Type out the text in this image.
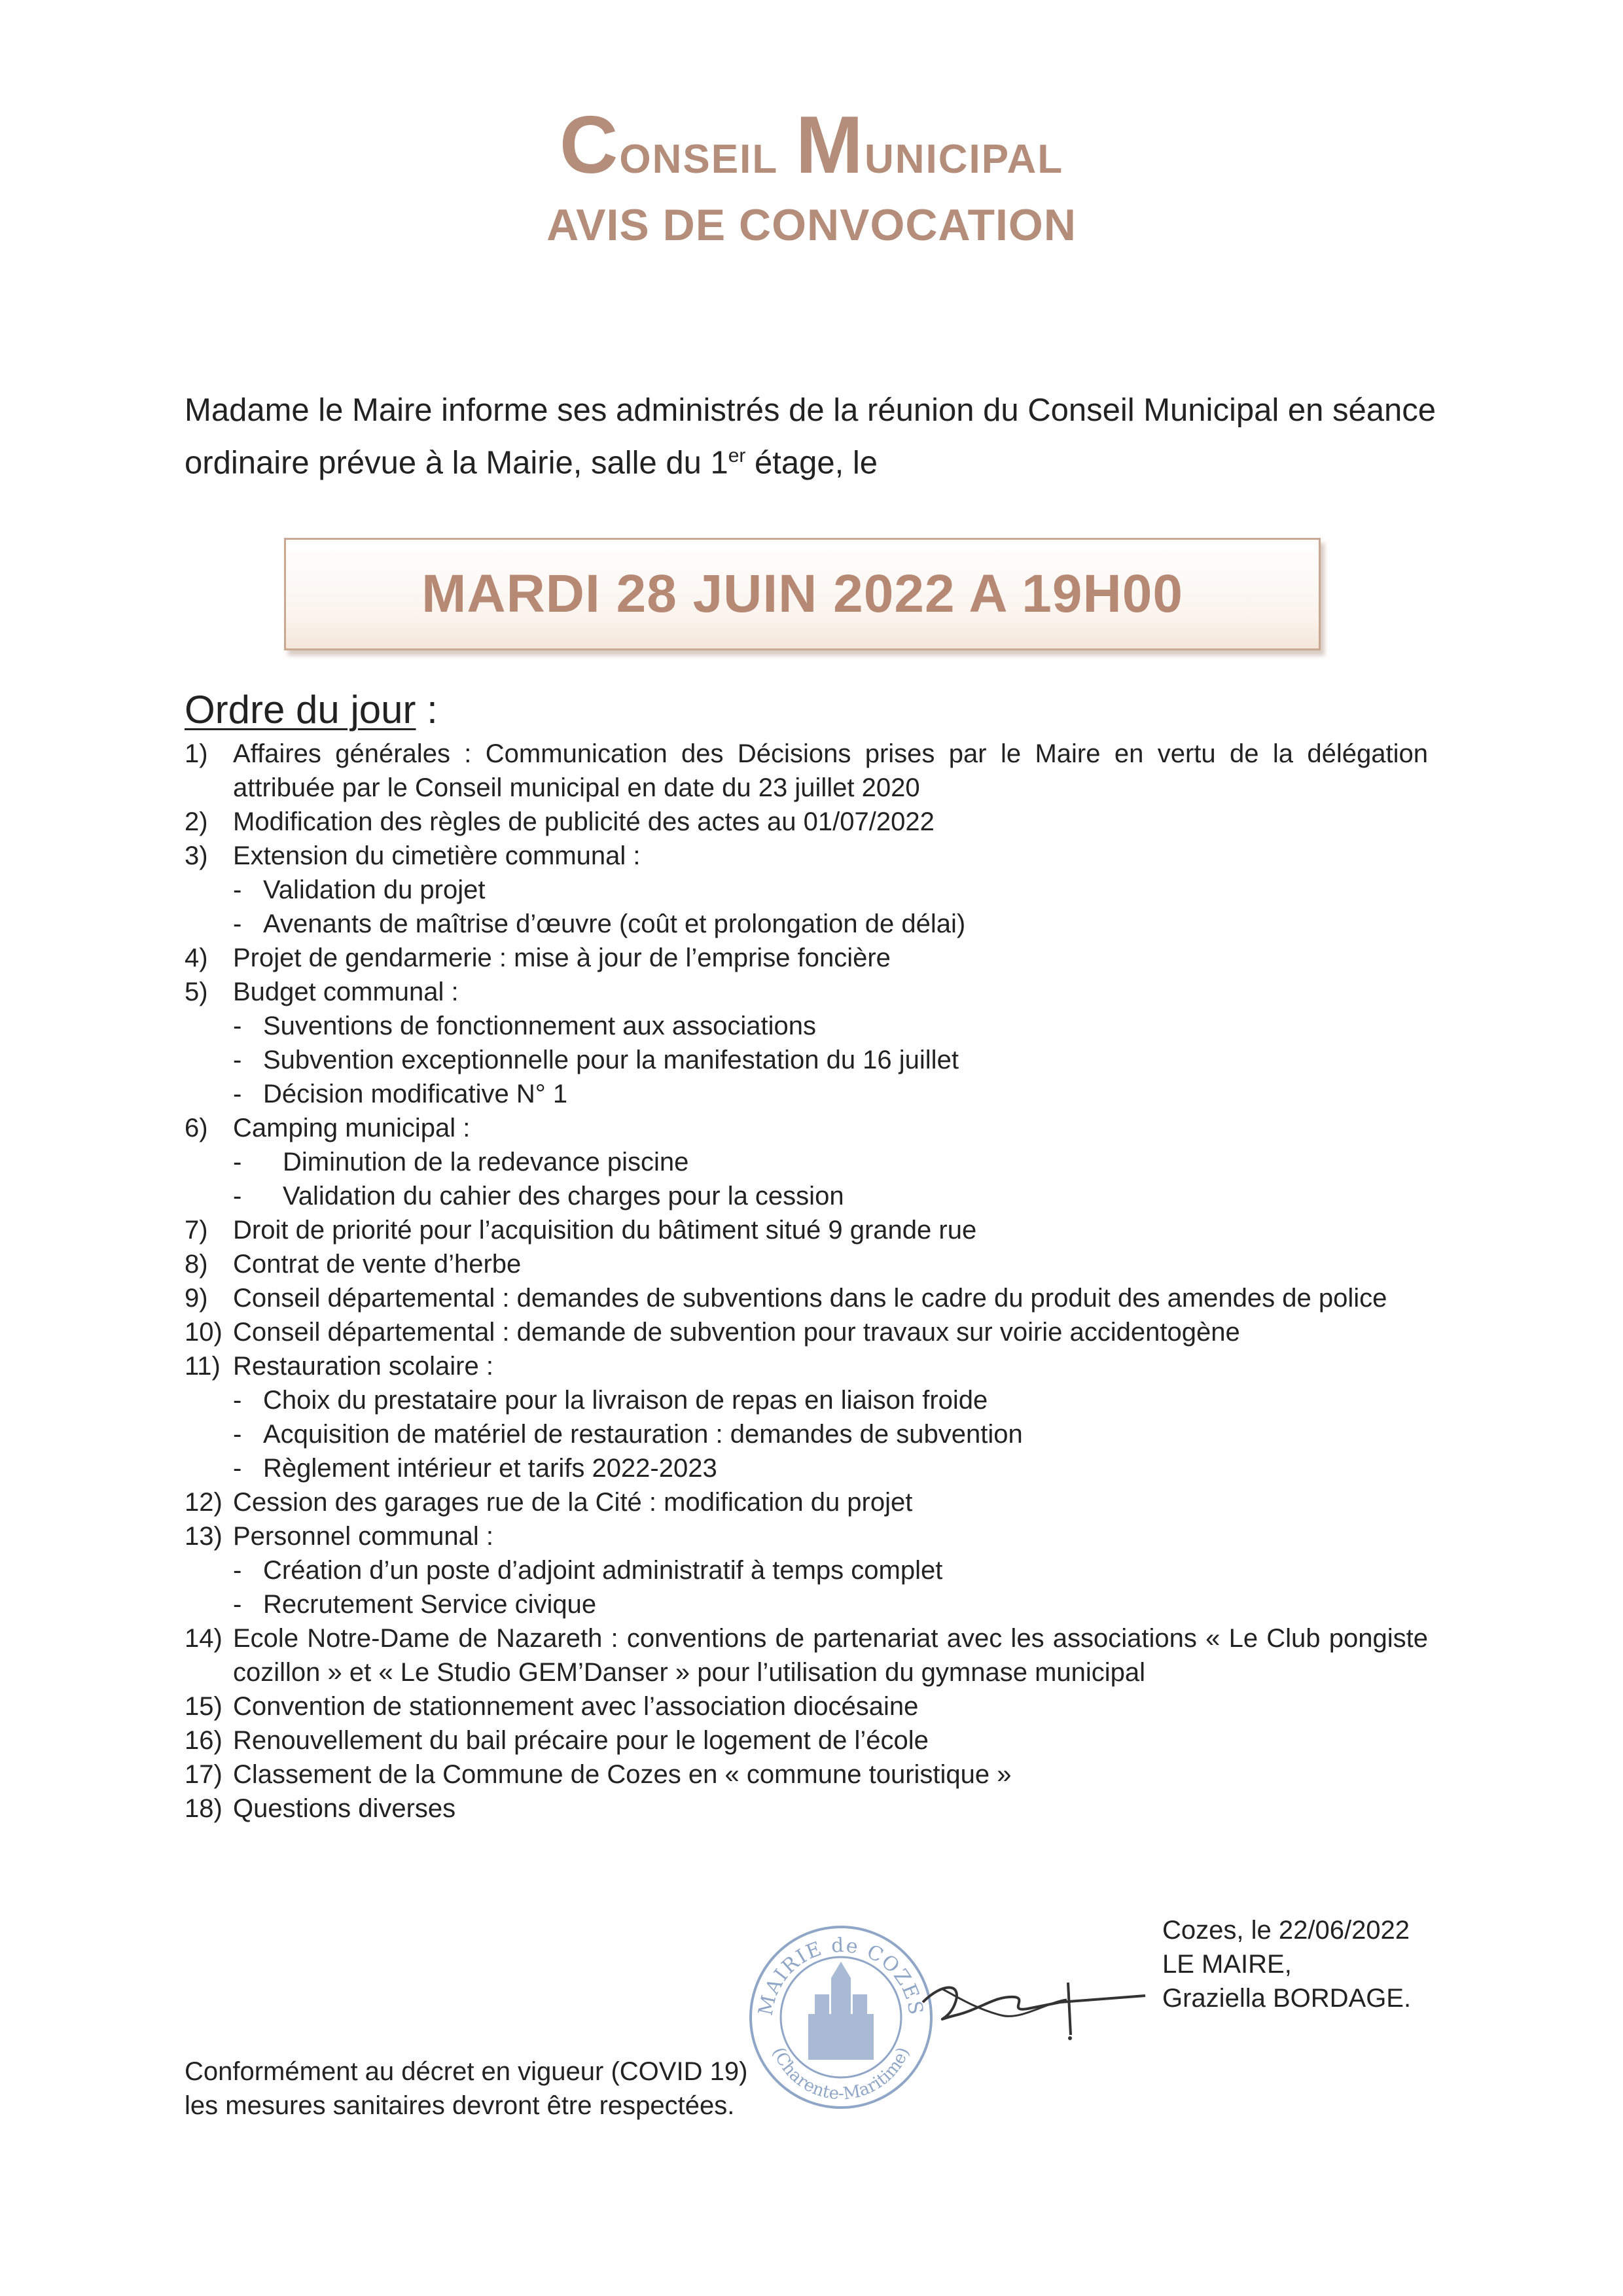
Conseil Municipal
AVIS DE CONVOCATION
Madame le Maire informe ses administrés de la réunion du Conseil Municipal en séance ordinaire prévue à la Mairie, salle du 1er étage, le
MARDI 28 JUIN 2022 A 19H00
Ordre du jour :
1) Affaires générales : Communication des Décisions prises par le Maire en vertu de la délégation attribuée par le Conseil municipal en date du 23 juillet 2020
2) Modification des règles de publicité des actes au 01/07/2022
3) Extension du cimetière communal :
- Validation du projet
- Avenants de maîtrise d’œuvre (coût et prolongation de délai)
4) Projet de gendarmerie : mise à jour de l’emprise foncière
5) Budget communal :
- Suventions de fonctionnement aux associations
- Subvention exceptionnelle pour la manifestation du 16 juillet
- Décision modificative N° 1
6) Camping municipal :
- Diminution de la redevance piscine
- Validation du cahier des charges pour la cession
7) Droit de priorité pour l’acquisition du bâtiment situé 9 grande rue
8) Contrat de vente d’herbe
9) Conseil départemental : demandes de subventions dans le cadre du produit des amendes de police
10) Conseil départemental : demande de subvention pour travaux sur voirie accidentogène
11) Restauration scolaire :
- Choix du prestataire pour la livraison de repas en liaison froide
- Acquisition de matériel de restauration : demandes de subvention
- Règlement intérieur et tarifs 2022-2023
12) Cession des garages rue de la Cité : modification du projet
13) Personnel communal :
- Création d’un poste d’adjoint administratif à temps complet
- Recrutement Service civique
14) Ecole Notre-Dame de Nazareth : conventions de partenariat avec les associations « Le Club pongiste cozillon » et « Le Studio GEM’Danser » pour l’utilisation du gymnase municipal
15) Convention de stationnement avec l’association diocésaine
16) Renouvellement du bail précaire pour le logement de l’école
17) Classement de la Commune de Cozes en « commune touristique »
18) Questions diverses
MAIRIE de COZES
(Charente-Maritime)
Cozes, le 22/06/2022
LE MAIRE,
Graziella BORDAGE.
Conformément au décret en vigueur (COVID 19)
les mesures sanitaires devront être respectées.
